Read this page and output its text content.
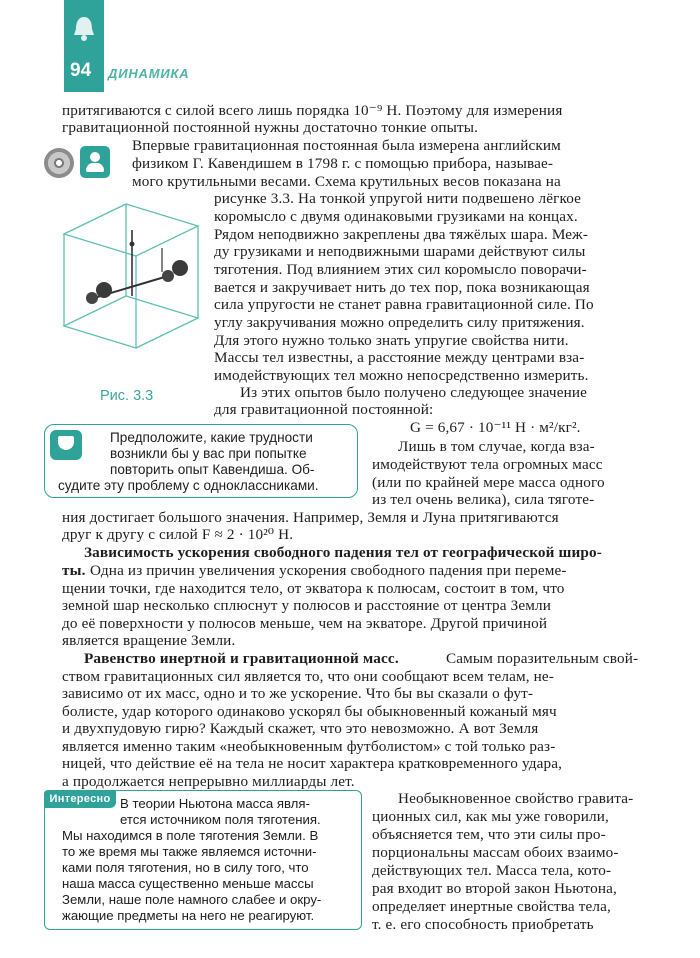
94 ДИНАМИКА
притягиваются с силой всего лишь порядка 10⁻⁹ Н. Поэтому для измерения
гравитационной постоянной нужны достаточно тонкие опыты.
Впервые гравитационная постоянная была измерена английским
физиком Г. Кавендишем в 1798 г. с помощью прибора, называе-
мого крутильными весами. Схема крутильных весов показана на
рисунке 3.3. На тонкой упругой нити подвешено лёгкое
коромысло с двумя одинаковыми грузиками на концах.
Рядом неподвижно закреплены два тяжёлых шара. Меж-
ду грузиками и неподвижными шарами действуют силы
тяготения. Под влиянием этих сил коромысло поворачи-
вается и закручивает нить до тех пор, пока возникающая
сила упругости не станет равна гравитационной силе. По
углу закручивания можно определить силу притяжения.
Для этого нужно только знать упругие свойства нити.
Массы тел известны, а расстояние между центрами вза-
имодействующих тел можно непосредственно измерить.
Из этих опытов было получено следующее значение
для гравитационной постоянной:
Рис. 3.3
G = 6,67 · 10⁻¹¹ Н · м²/кг².
Предположите, какие трудности
возникли бы у вас при попытке
повторить опыт Кавендиша. Об-
судите эту проблему с одноклассниками.
Лишь в том случае, когда вза-
имодействуют тела огромных масс
(или по крайней мере масса одного
из тел очень велика), сила тяготе-
ния достигает большого значения. Например, Земля и Луна притягиваются
друг к другу с силой F ≈ 2 · 10²⁰ Н.
Зависимость ускорения свободного падения тел от географической широ-
ты. Одна из причин увеличения ускорения свободного падения при переме-
щении точки, где находится тело, от экватора к полюсам, состоит в том, что
земной шар несколько сплюснут у полюсов и расстояние от центра Земли
до её поверхности у полюсов меньше, чем на экваторе. Другой причиной
является вращение Земли.
Равенство инертной и гравитационной масс.	Самым поразительным свой-
ством гравитационных сил является то, что они сообщают всем телам, не-
зависимо от их масс, одно и то же ускорение. Что бы вы сказали о фут-
болисте, удар которого одинаково ускорял бы обыкновенный кожаный мяч
и двухпудовую гирю? Каждый скажет, что это невозможно. А вот Земля
является именно таким «необыкновенным футболистом» с той только раз-
ницей, что действие её на тела не носит характера кратковременного удара,
а продолжается непрерывно миллиарды лет.
Интересно В теории Ньютона масса явля-
ется источником поля тяготения.
Мы находимся в поле тяготения Земли. В
то же время мы также являемся источни-
ками поля тяготения, но в силу того, что
наша масса существенно меньше массы
Земли, наше поле намного слабее и окру-
жающие предметы на него не реагируют.
Необыкновенное свойство гравита-
ционных сил, как мы уже говорили,
объясняется тем, что эти силы про-
порциональны массам обоих взаимо-
действующих тел. Масса тела, кото-
рая входит во второй закон Ньютона,
определяет инертные свойства тела,
т. е. его способность приобретать
